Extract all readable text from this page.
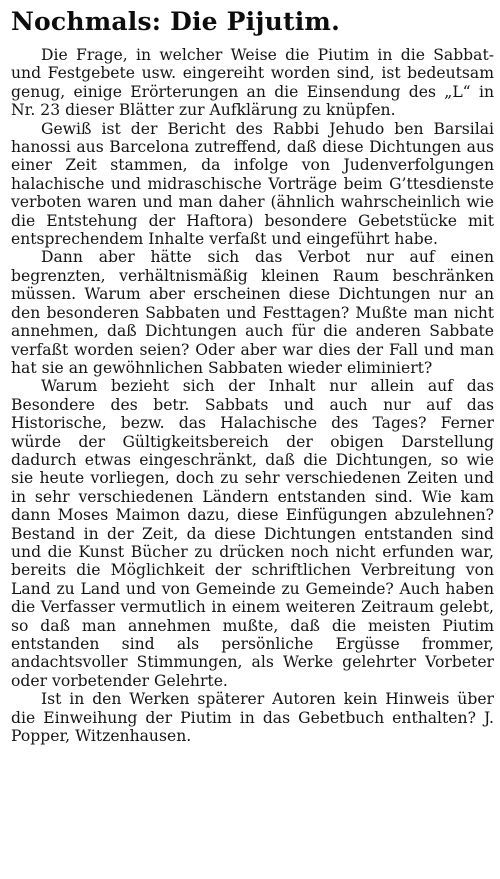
Nochmals: Die Pijutim.

Die Frage, in welcher Weise die Piutim in die Sabbat- und Festgebete usw. eingereiht worden sind, ist bedeutsam genug, einige Erörterungen an die Einsendung des „L“ in Nr. 23 dieser Blätter zur Aufklärung zu knüpfen.

Gewiß ist der Bericht des Rabbi Jehudo ben Barsilai hanossi aus Barcelona zutreffend, daß diese Dichtungen aus einer Zeit stammen, da infolge von Judenverfolgungen halachische und midraschische Vorträge beim G’ttesdienste verboten waren und man daher (ähnlich wahrscheinlich wie die Entstehung der Haftora) besondere Gebetstücke mit entsprechendem Inhalte verfaßt und eingeführt habe.

Dann aber hätte sich das Verbot nur auf einen begrenzten, verhältnismäßig kleinen Raum beschränken müssen. Warum aber erscheinen diese Dichtungen nur an den besonderen Sabbaten und Festtagen? Mußte man nicht annehmen, daß Dichtungen auch für die anderen Sabbate verfaßt worden seien? Oder aber war dies der Fall und man hat sie an gewöhnlichen Sabbaten wieder eliminiert?

Warum bezieht sich der Inhalt nur allein auf das Besondere des betr. Sabbats und auch nur auf das Historische, bezw. das Halachische des Tages? Ferner würde der Gültigkeitsbereich der obigen Darstellung dadurch etwas eingeschränkt, daß die Dichtungen, so wie sie heute vorliegen, doch zu sehr verschiedenen Zeiten und in sehr verschiedenen Ländern entstanden sind. Wie kam dann Moses Maimon dazu, diese Einfügungen abzulehnen? Bestand in der Zeit, da diese Dichtungen entstanden sind und die Kunst Bücher zu drücken noch nicht erfunden war, bereits die Möglichkeit der schriftlichen Verbreitung von Land zu Land und von Gemeinde zu Gemeinde? Auch haben die Verfasser vermutlich in einem weiteren Zeitraum gelebt, so daß man annehmen mußte, daß die meisten Piutim entstanden sind als persönliche Ergüsse frommer, andachtsvoller Stimmungen, als Werke gelehrter Vorbeter oder vorbetender Gelehrte.

Ist in den Werken späterer Autoren kein Hinweis über die Einweihung der Piutim in das Gebetbuch enthalten? J. Popper, Witzenhausen.
